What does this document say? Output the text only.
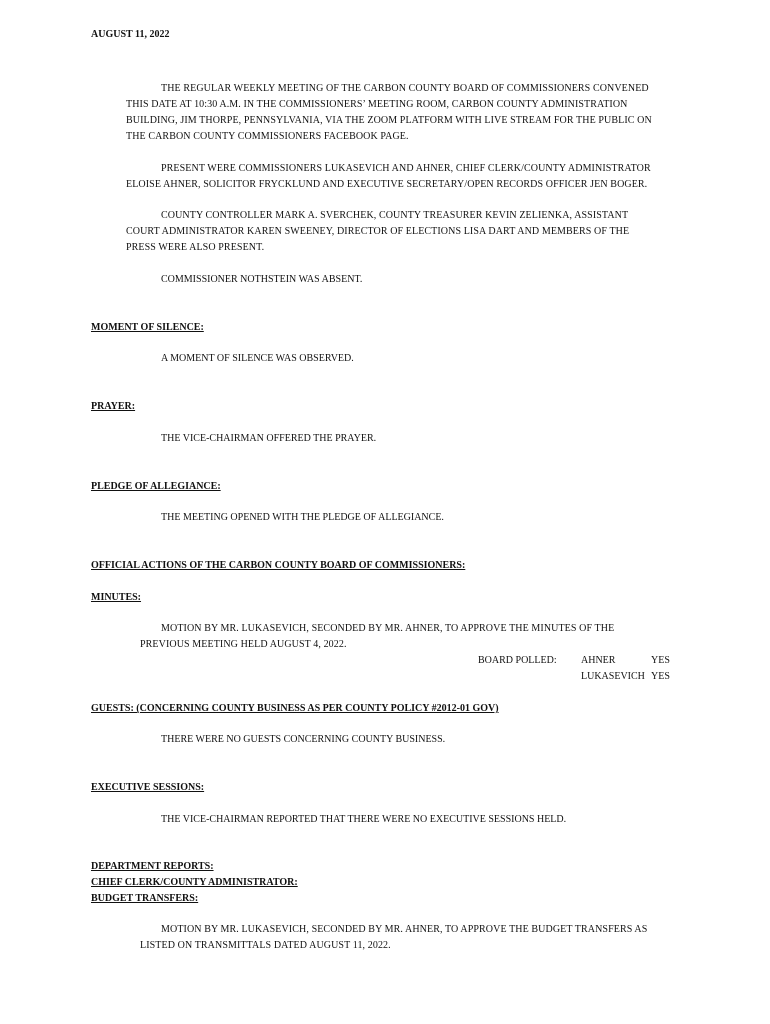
AUGUST 11, 2022

THE REGULAR WEEKLY MEETING OF THE CARBON COUNTY BOARD OF COMMISSIONERS CONVENED
THIS DATE AT 10:30 A.M. IN THE COMMISSIONERS’ MEETING ROOM, CARBON COUNTY ADMINISTRATION
BUILDING, JIM THORPE, PENNSYLVANIA, VIA THE ZOOM PLATFORM WITH LIVE STREAM FOR THE PUBLIC ON
THE CARBON COUNTY COMMISSIONERS FACEBOOK PAGE.
PRESENT WERE COMMISSIONERS LUKASEVICH AND AHNER, CHIEF CLERK/COUNTY ADMINISTRATOR
ELOISE AHNER, SOLICITOR FRYCKLUND AND EXECUTIVE SECRETARY/OPEN RECORDS OFFICER JEN BOGER.
COUNTY CONTROLLER MARK A. SVERCHEK, COUNTY TREASURER KEVIN ZELIENKA, ASSISTANT
COURT ADMINISTRATOR KAREN SWEENEY, DIRECTOR OF ELECTIONS LISA DART AND MEMBERS OF THE
PRESS WERE ALSO PRESENT.

COMMISSIONER NOTHSTEIN WAS ABSENT.

MOMENT OF SILENCE:

A MOMENT OF SILENCE WAS OBSERVED.

PRAYER:

THE VICE-CHAIRMAN OFFERED THE PRAYER.

PLEDGE OF ALLEGIANCE:

THE MEETING OPENED WITH THE PLEDGE OF ALLEGIANCE.

OFFICIAL ACTIONS OF THE CARBON COUNTY BOARD OF COMMISSIONERS:

MINUTES:

MOTION BY MR. LUKASEVICH, SECONDED BY MR. AHNER, TO APPROVE THE MINUTES OF THE
PREVIOUS MEETING HELD AUGUST 4, 2022.

BOARD POLLED: AHNER	YES

LUKASEVICH YES

GUESTS: (CONCERNING COUNTY BUSINESS AS PER COUNTY POLICY #2012-01 GOV)

THERE WERE NO GUESTS CONCERNING COUNTY BUSINESS.

EXECUTIVE SESSIONS:

THE VICE-CHAIRMAN REPORTED THAT THERE WERE NO EXECUTIVE SESSIONS HELD.

DEPARTMENT REPORTS:

CHIEF CLERK/COUNTY ADMINISTRATOR:

BUDGET TRANSFERS:

MOTION BY MR. LUKASEVICH, SECONDED BY MR. AHNER, TO APPROVE THE BUDGET TRANSFERS AS
LISTED ON TRANSMITTALS DATED AUGUST 11, 2022.
